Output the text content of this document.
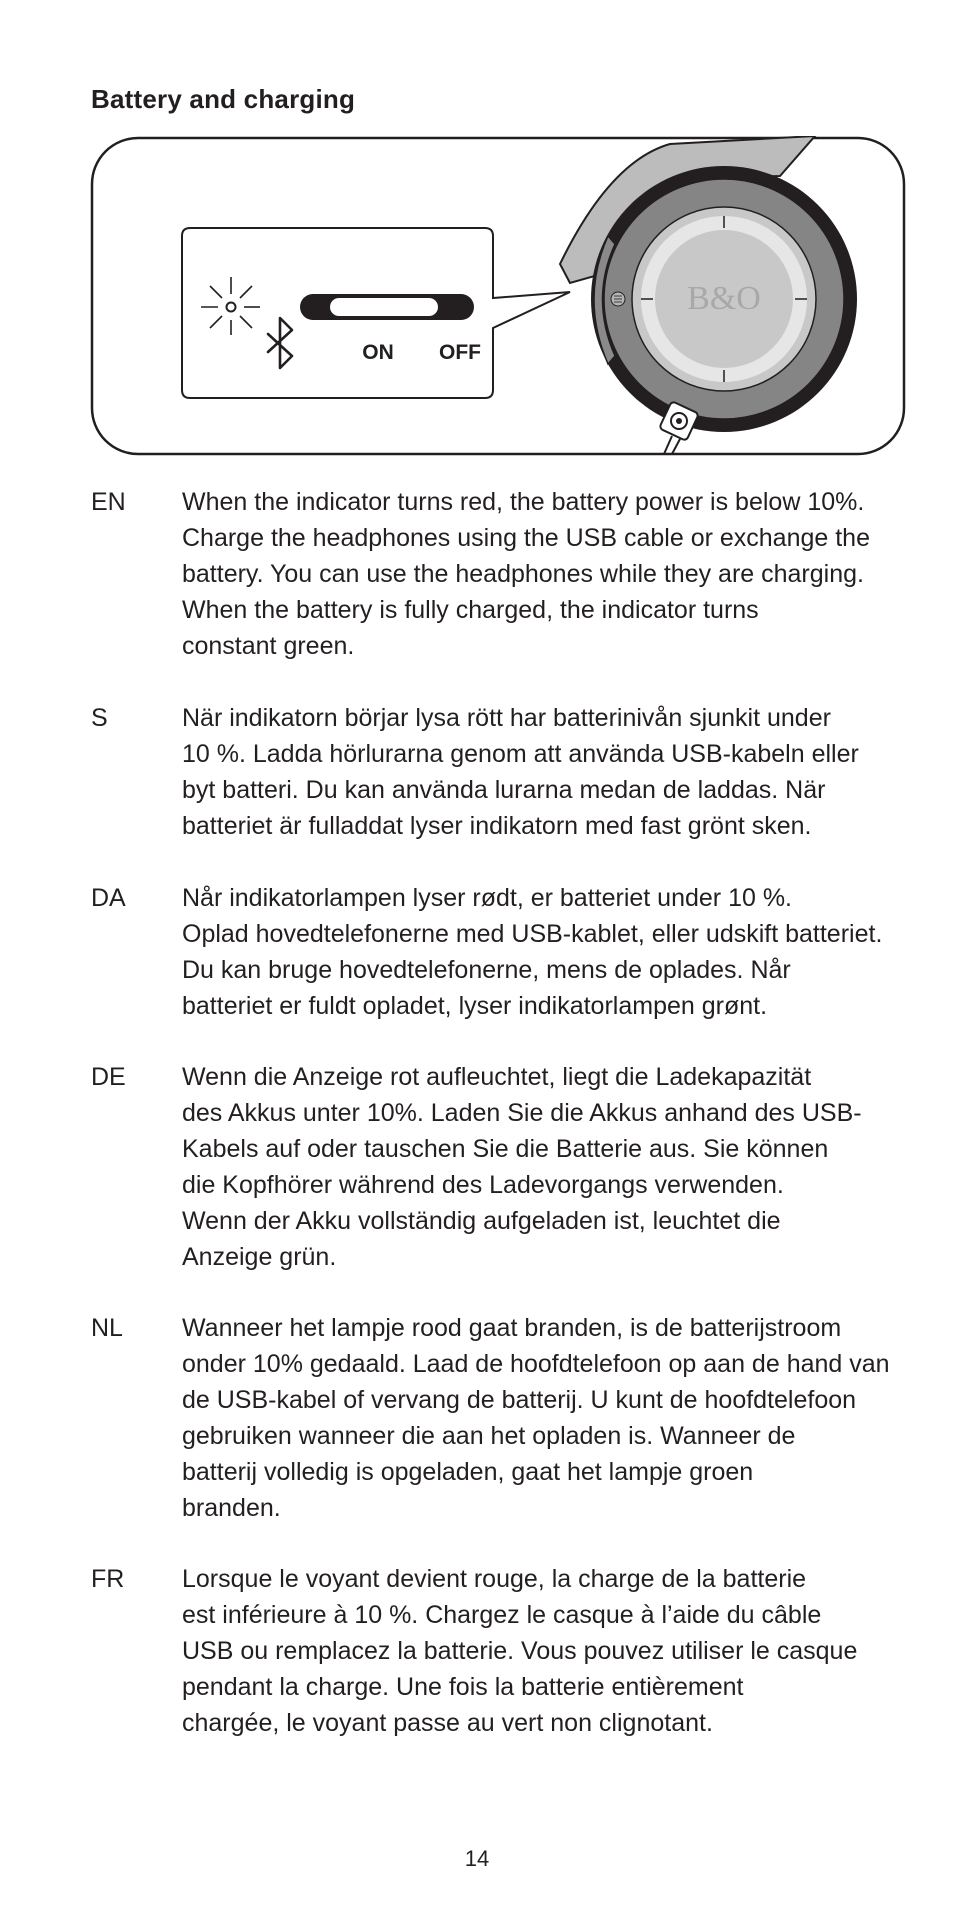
Battery and charging
ON OFF
B&O
EN	When the indicator turns red, the battery power is below 10%.
Charge the headphones using the USB cable or exchange the
battery. You can use the headphones while they are charging.
When the battery is fully charged, the indicator turns
constant green.

S	När indikatorn börjar lysa rött har batterinivån sjunkit under
10 %. Ladda hörlurarna genom att använda USB-kabeln eller
byt batteri. Du kan använda lurarna medan de laddas. När
batteriet är fulladdat lyser indikatorn med fast grönt sken.

DA	Når indikatorlampen lyser rødt, er batteriet under 10 %.
Oplad hovedtelefonerne med USB-kablet, eller udskift batteriet.
Du kan bruge hovedtelefonerne, mens de oplades. Når
batteriet er fuldt opladet, lyser indikatorlampen grønt.

DE	Wenn die Anzeige rot aufleuchtet, liegt die Ladekapazität
des Akkus unter 10%. Laden Sie die Akkus anhand des USB-
Kabels auf oder tauschen Sie die Batterie aus. Sie können
die Kopfhörer während des Ladevorgangs verwenden.
Wenn der Akku vollständig aufgeladen ist, leuchtet die
Anzeige grün.

NL	Wanneer het lampje rood gaat branden, is de batterijstroom
onder 10% gedaald. Laad de hoofdtelefoon op aan de hand van
de USB-kabel of vervang de batterij. U kunt de hoofdtelefoon
gebruiken wanneer die aan het opladen is. Wanneer de
batterij volledig is opgeladen, gaat het lampje groen
branden.

FR	Lorsque le voyant devient rouge, la charge de la batterie
est inférieure à 10 %. Chargez le casque à l’aide du câble
USB ou remplacez la batterie. Vous pouvez utiliser le casque
pendant la charge. Une fois la batterie entièrement
chargée, le voyant passe au vert non clignotant.

14
